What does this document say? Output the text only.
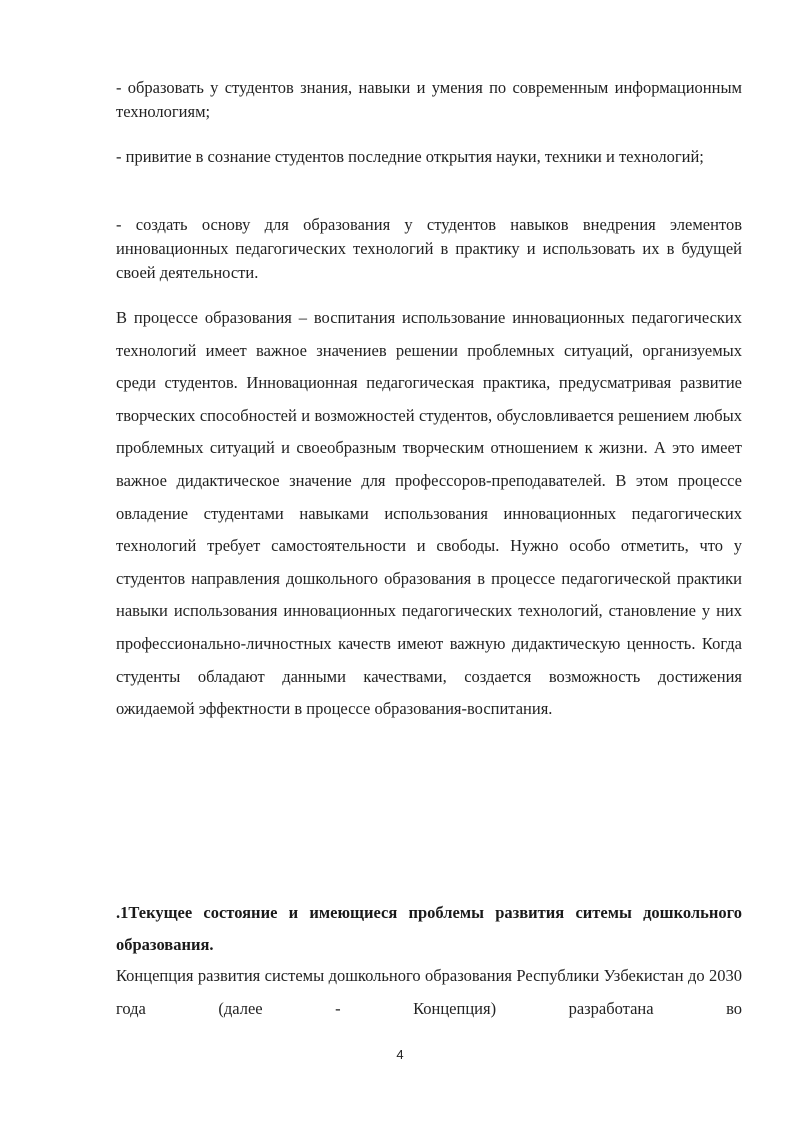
- образовать у студентов знания, навыки и умения по современным информационным технологиям;

- привитие в сознание студентов последние открытия науки, техники и технологий;

- создать основу для образования у студентов навыков внедрения элементов инновационных педагогических технологий в практику и использовать их в будущей своей деятельности.

В процессе образования – воспитания использование инновационных педагогических технологий имеет важное значениев решении проблемных ситуаций, организуемых среди студентов. Инновационная педагогическая практика, предусматривая развитие творческих способностей и возможностей студентов, обусловливается решением любых проблемных ситуаций и своеобразным творческим отношением к жизни. А это имеет важное дидактическое значение для профессоров-преподавателей. В этом процессе овладение студентами навыками использования инновационных педагогических технологий требует самостоятельности и свободы. Нужно особо отметить, что у студентов направления дошкольного образования в процессе педагогической практики навыки использования инновационных педагогических технологий, становление у них профессионально-личностных качеств имеют важную дидактическую ценность. Когда студенты обладают данными качествами, создается возможность достижения ожидаемой эффектности в процессе образования-воспитания.

.1Текущее состояние и имеющиеся проблемы развития ситемы дошкольного образования.

Концепция развития системы дошкольного образования Республики Узбекистан до 2030 года (далее - Концепция) разработана во

4
